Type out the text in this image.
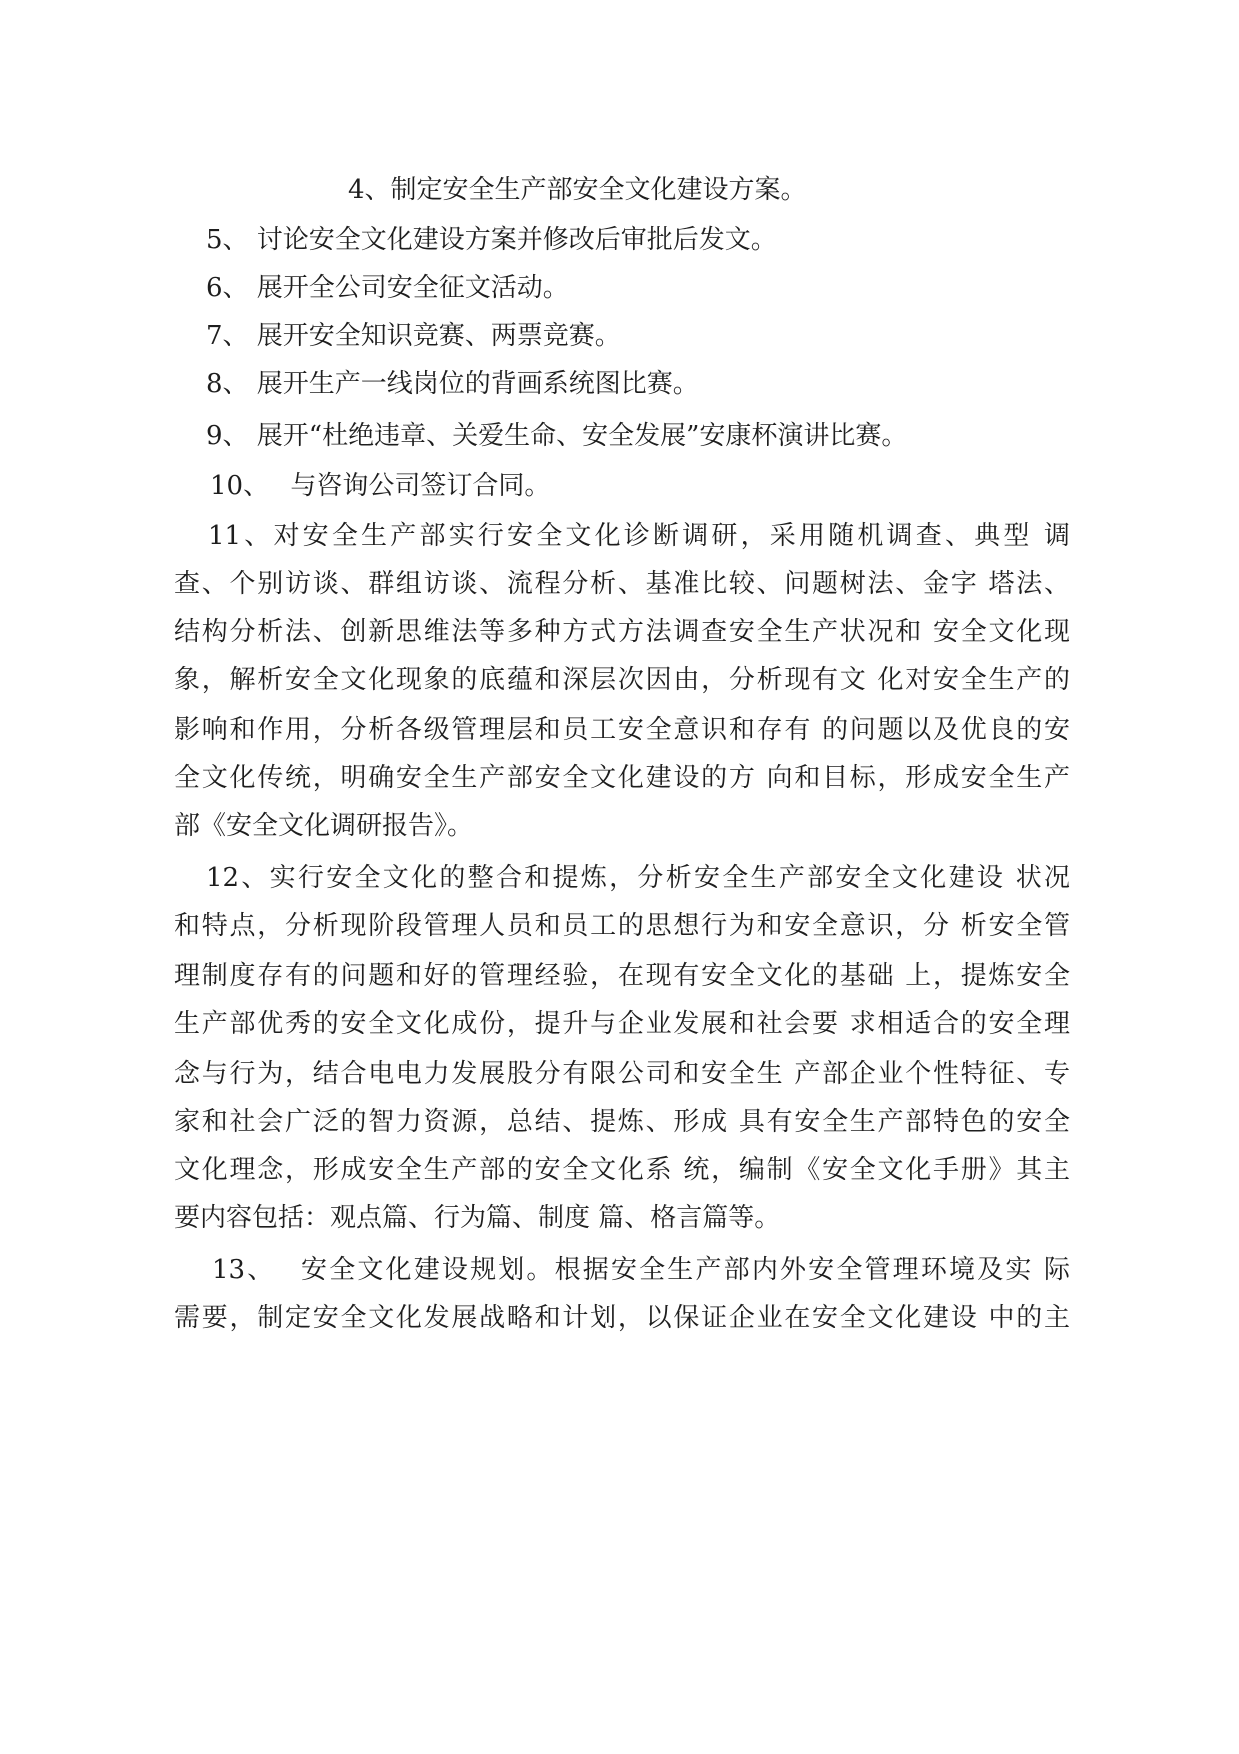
4、制定安全生产部安全文化建设方案。
5、 讨论安全文化建设方案并修改后审批后发文。
6、 展开全公司安全征文活动。
7、 展开安全知识竞赛、两票竞赛。
8、 展开生产一线岗位的背画系统图比赛。
9、 展开“杜绝违章、关爱生命、安全发展”安康杯演讲比赛。
10、　 与咨询公司签订合同。
11、对安全生产部实行安全文化诊断调研，采用随机调查、典型 调
查、个别访谈、群组访谈、流程分析、基准比较、问题树法、金字 塔法、
结构分析法、创新思维法等多种方式方法调查安全生产状况和 安全文化现
象，解析安全文化现象的底蕴和深层次因由，分析现有文 化对安全生产的
影响和作用，分析各级管理层和员工安全意识和存有 的问题以及优良的安
全文化传统，明确安全生产部安全文化建设的方 向和目标，形成安全生产
部《安全文化调研报告》。
12、实行安全文化的整合和提炼，分析安全生产部安全文化建设 状况
和特点，分析现阶段管理人员和员工的思想行为和安全意识，分 析安全管
理制度存有的问题和好的管理经验，在现有安全文化的基础 上，提炼安全
生产部优秀的安全文化成份，提升与企业发展和社会要 求相适合的安全理
念与行为，结合电电力发展股分有限公司和安全生 产部企业个性特征、专
家和社会广泛的智力资源，总结、提炼、形成 具有安全生产部特色的安全
文化理念，形成安全生产部的安全文化系 统，编制《安全文化手册》其主
要内容包括：观点篇、行为篇、制度 篇、格言篇等。
13、　 安全文化建设规划。根据安全生产部内外安全管理环境及实 际
需要，制定安全文化发展战略和计划，以保证企业在安全文化建设 中的主
